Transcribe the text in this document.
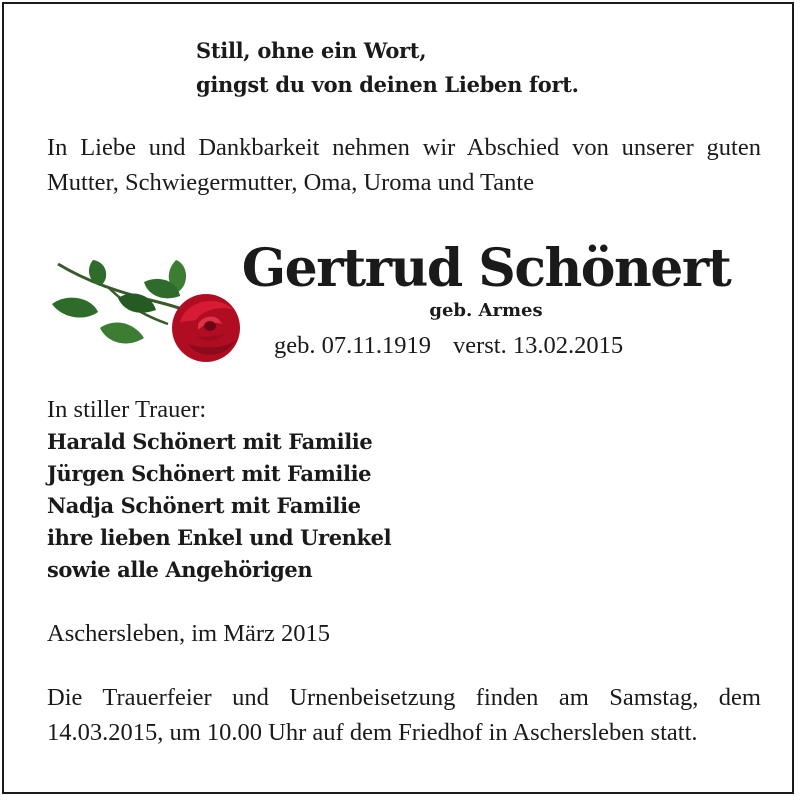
Still, ohne ein Wort,
gingst du von deinen Lieben fort.
In Liebe und Dankbarkeit nehmen wir Abschied von unserer guten Mutter, Schwiegermutter, Oma, Uroma und Tante
Gertrud Schönert
geb. Armes
geb. 07.11.1919 verst. 13.02.2015
In stiller Trauer:
Harald Schönert mit Familie
Jürgen Schönert mit Familie
Nadja Schönert mit Familie
ihre lieben Enkel und Urenkel
sowie alle Angehörigen
Aschersleben, im März 2015
Die Trauerfeier und Urnenbeisetzung finden am Samstag, dem 14.03.2015, um 10.00 Uhr auf dem Friedhof in Aschersleben statt.
